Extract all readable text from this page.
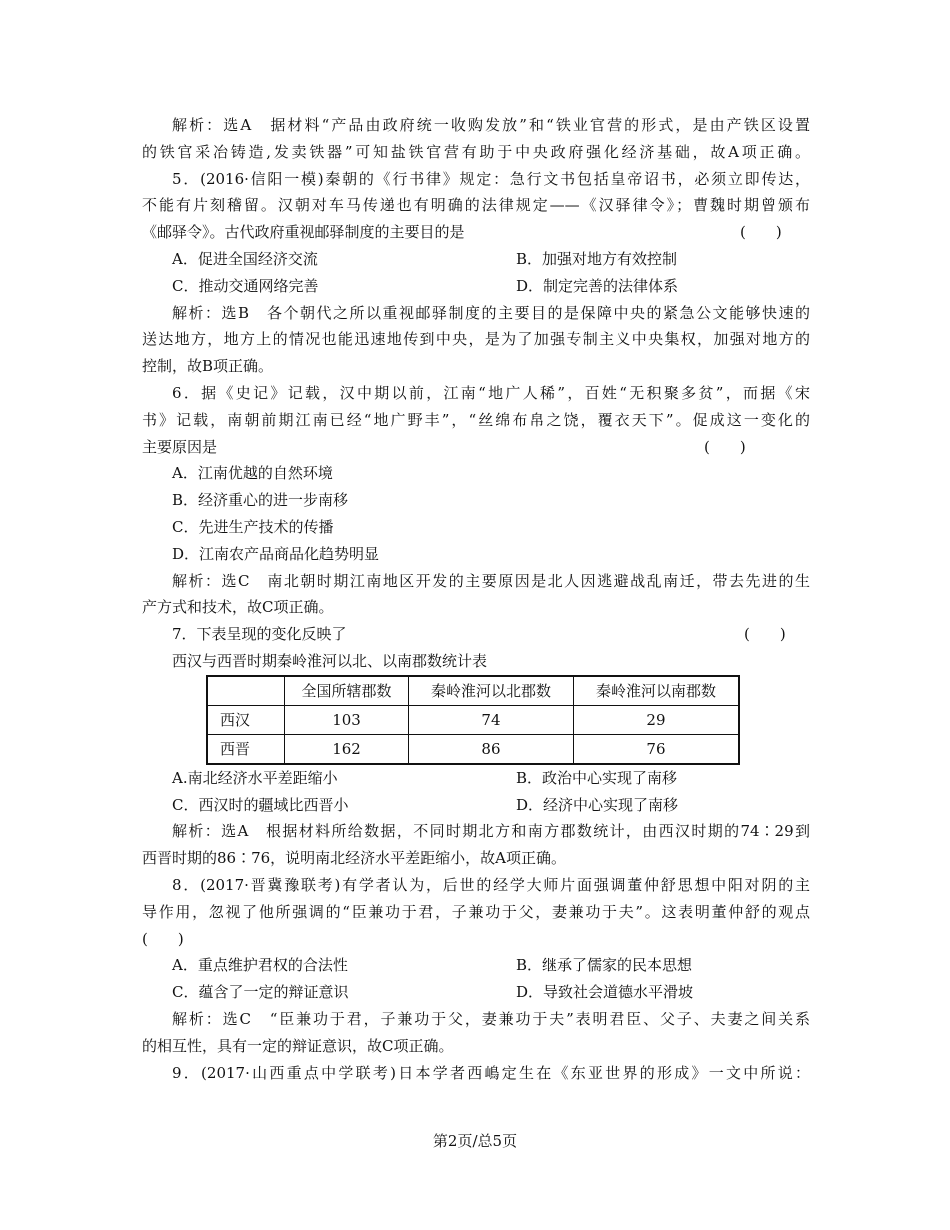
解析：选A　据材料“产品由政府统一收购发放”和“铁业官营的形式，是由产铁区设置
的铁官采冶铸造,发卖铁器”可知盐铁官营有助于中央政府强化经济基础，故A项正确。
5．(2016·信阳一模)秦朝的《行书律》规定：急行文书包括皇帝诏书，必须立即传达，
不能有片刻稽留。汉朝对车马传递也有明确的法律规定——《汉驿律令》；曹魏时期曾颁布
《邮驿令》。古代政府重视邮驿制度的主要目的是	(　　)
A．促进全国经济交流	B．加强对地方有效控制
C．推动交通网络完善	D．制定完善的法律体系
解析：选B　各个朝代之所以重视邮驿制度的主要目的是保障中央的紧急公文能够快速的
送达地方，地方上的情况也能迅速地传到中央，是为了加强专制主义中央集权，加强对地方的
控制，故B项正确。
6．据《史记》记载，汉中期以前，江南“地广人稀”，百姓“无积聚多贫”，而据《宋
书》记载，南朝前期江南已经“地广野丰”，“丝绵布帛之饶，覆衣天下”。促成这一变化的
主要原因是	(　　)
A．江南优越的自然环境
B．经济重心的进一步南移
C．先进生产技术的传播
D．江南农产品商品化趋势明显
解析：选C　南北朝时期江南地区开发的主要原因是北人因逃避战乱南迁，带去先进的生
产方式和技术，故C项正确。
7．下表呈现的变化反映了	(　　)
西汉与西晋时期秦岭淮河以北、以南郡数统计表
	全国所辖郡数	秦岭淮河以北郡数	秦岭淮河以南郡数
西汉	103	74	29
西晋	162	86	76
A.南北经济水平差距缩小	B．政治中心实现了南移
C．西汉时的疆域比西晋小	D．经济中心实现了南移
解析：选A　根据材料所给数据，不同时期北方和南方郡数统计，由西汉时期的74∶29到
西晋时期的86∶76，说明南北经济水平差距缩小，故A项正确。
8．(2017·晋冀豫联考)有学者认为，后世的经学大师片面强调董仲舒思想中阳对阴的主
导作用，忽视了他所强调的“臣兼功于君，子兼功于父，妻兼功于夫”。这表明董仲舒的观点
(　　)
A．重点维护君权的合法性	B．继承了儒家的民本思想
C．蕴含了一定的辩证意识	D．导致社会道德水平滑坡
解析：选C　“臣兼功于君，子兼功于父，妻兼功于夫”表明君臣、父子、夫妻之间关系
的相互性，具有一定的辩证意识，故C项正确。
9．(2017·山西重点中学联考)日本学者西嶋定生在《东亚世界的形成》一文中所说：
第2页/总5页
